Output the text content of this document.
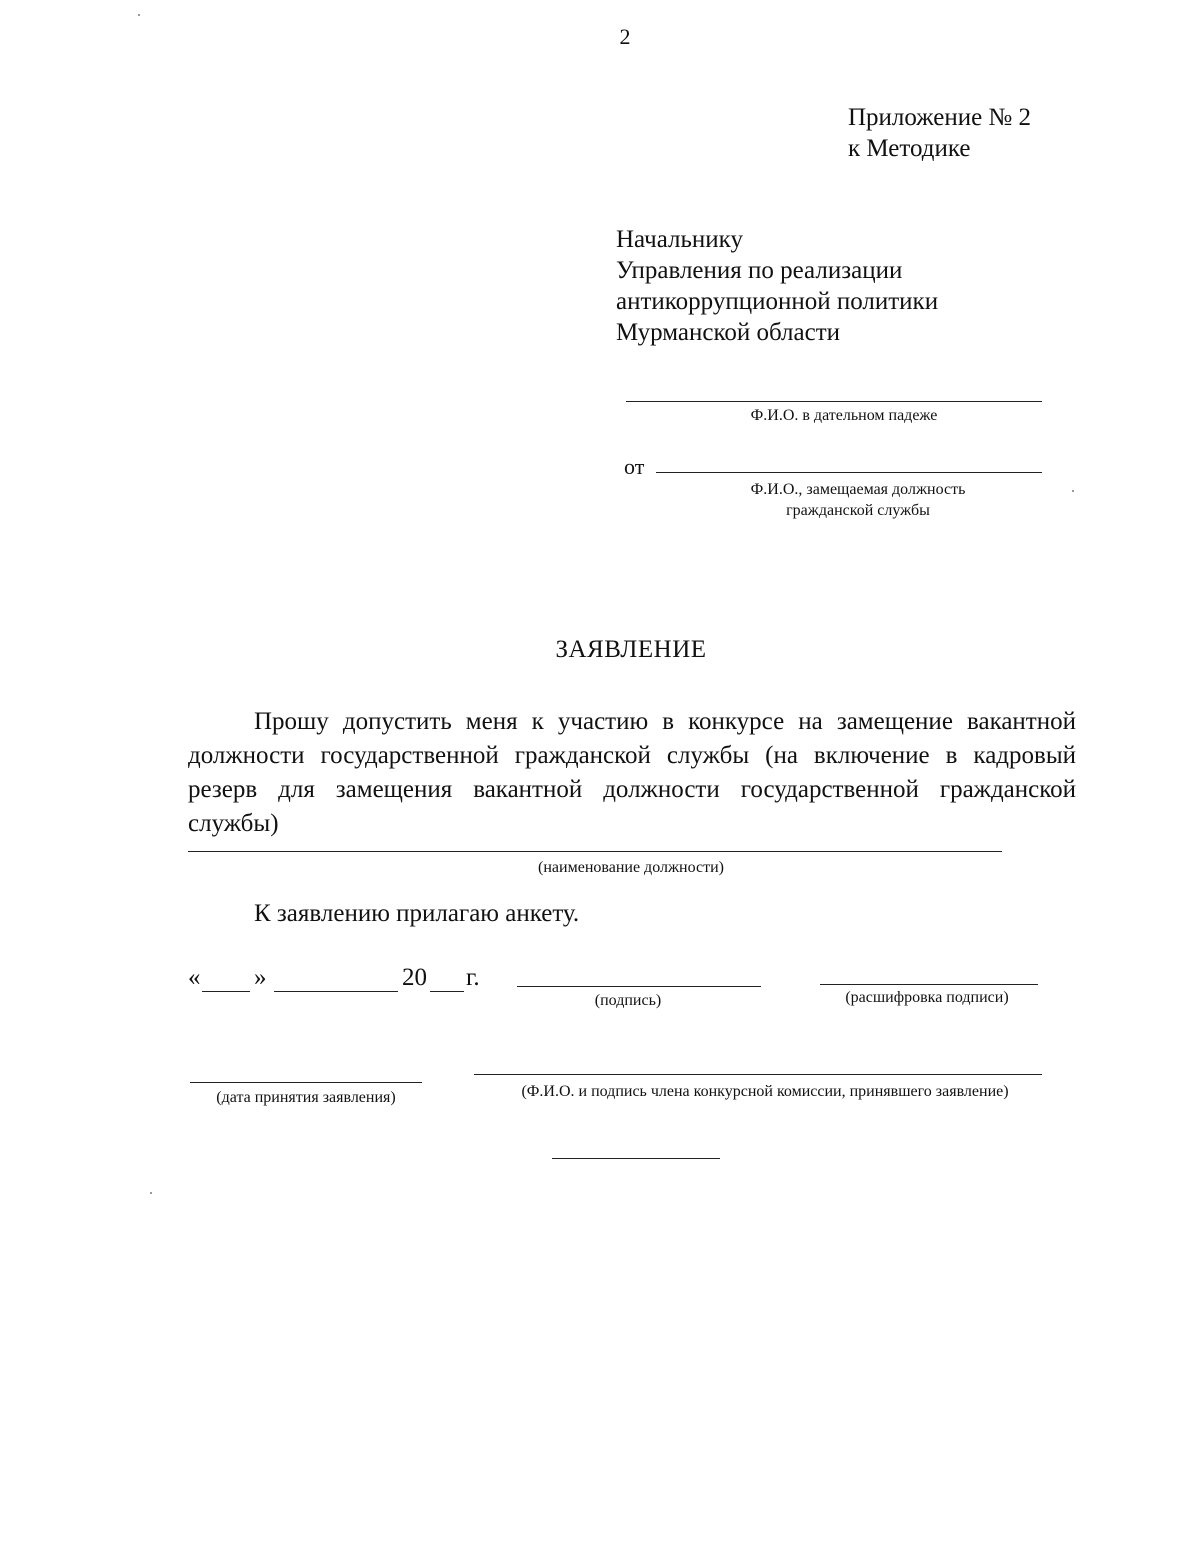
2
Приложение № 2
к Методике
Начальнику
Управления по реализации
антикоррупционной политики
Мурманской области
Ф.И.О. в дательном падеже
от
Ф.И.О., замещаемая должность
гражданской службы
ЗАЯВЛЕНИЕ
Прошу допустить меня к участию в конкурсе на замещение вакантной должности государственной гражданской службы (на включение в кадровый резерв для замещения вакантной должности государственной гражданской службы)
(наименование должности)
К заявлению прилагаю анкету.
« »	20 г.
(подпись)	(расшифровка подписи)
(дата принятия заявления)	(Ф.И.О. и подпись члена конкурсной комиссии, принявшего заявление)
